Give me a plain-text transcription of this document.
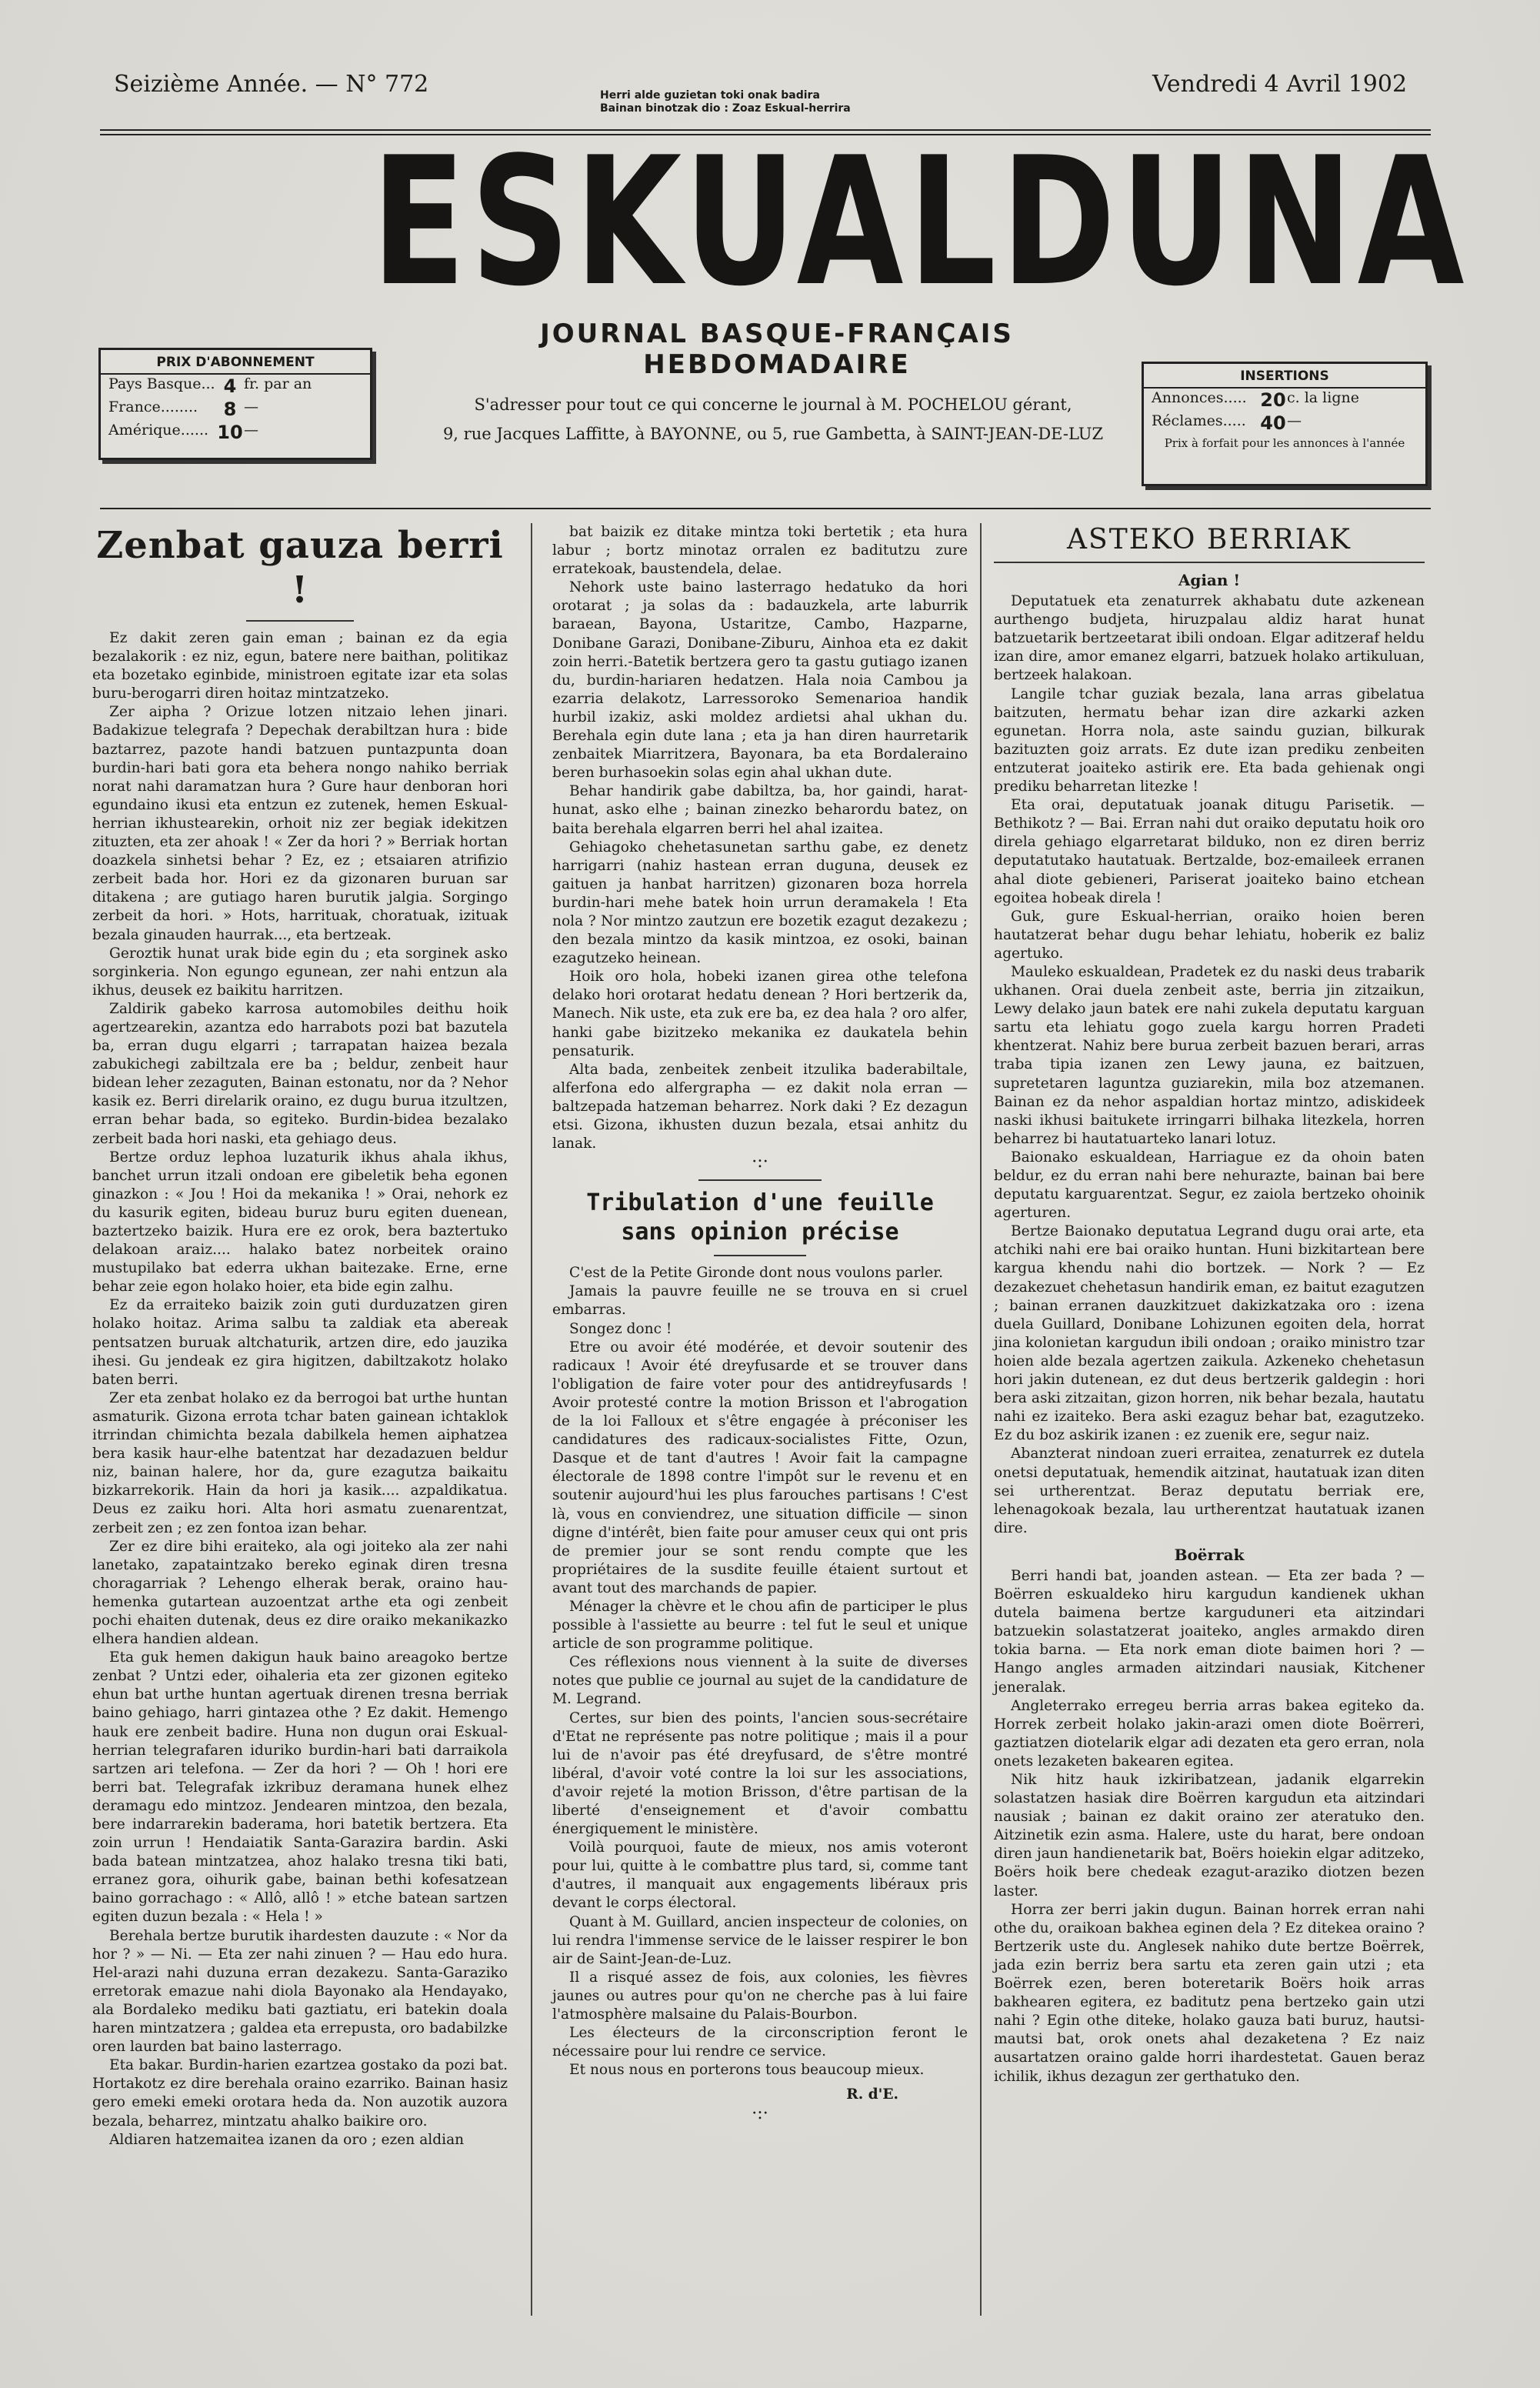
Seizième Année. — N° 772	Herri alde guzietan toki onak badira
Bainan binotzak dio : Zoaz Eskual-herrira
Vendredi 4 Avril 1902
ESKUALDUNA
JOURNAL BASQUE-FRANÇAIS HEBDOMADAIRE
PRIX D'ABONNEMENT
Pays Basque... 4 fr. par an
France........	8 —
Amérique...... 10 —
S'adresser pour tout ce qui concerne le journal à M. POCHELOU gérant,
9, rue Jacques Laffitte, à BAYONNE, ou 5, rue Gambetta, à SAINT-JEAN-DE-LUZ
INSERTIONS
Annonces..... 20 c. la ligne
Réclames..... 40 —
Prix à forfait pour les annonces à l'année
Zenbat gauza berri !

Ez dakit zeren gain eman ; bainan ez da egia bezalakorik : ez niz, egun, batere nere baithan, politikaz eta bozetako eginbide, ministroen egitate izar eta solas buru-berogarri diren hoitaz mintzatzeko.

Zer aipha ? Orizue lotzen nitzaio lehen jinari. Badakizue telegrafa ? Depechak derabiltzan hura : bide baztarrez, pazote handi batzuen puntazpunta doan burdin-hari bati gora eta behera nongo nahiko berriak norat nahi daramatzan hura ? Gure haur denboran hori egundaino ikusi eta entzun ez zutenek, hemen Eskual-herrian ikhustearekin, orhoit niz zer begiak idekitzen zituzten, eta zer ahoak ! « Zer da hori ? » Berriak hortan doazkela sinhetsi behar ? Ez, ez ; etsaiaren atrifizio zerbeit bada hor. Hori ez da gizonaren buruan sar ditakena ; are gutiago haren burutik jalgia. Sorgingo zerbeit da hori. » Hots, harrituak, choratuak, izituak bezala ginauden haurrak..., eta bertzeak.

Geroztik hunat urak bide egin du ; eta sorginek asko sorginkeria. Non egungo egunean, zer nahi entzun ala ikhus, deusek ez baikitu harritzen.

Zaldirik gabeko karrosa automobiles deithu hoik agertzearekin, azantza edo harrabots pozi bat bazutela ba, erran dugu elgarri ; tarrapatan haizea bezala zabukichegi zabiltzala ere ba ; beldur, zenbeit haur bidean leher zezaguten, Bainan estonatu, nor da ? Nehor kasik ez. Berri direlarik oraino, ez dugu burua itzultzen, erran behar bada, so egiteko. Burdin-bidea bezalako zerbeit bada hori naski, eta gehiago deus.

Bertze orduz lephoa luzaturik ikhus ahala ikhus, banchet urrun itzali ondoan ere gibeletik beha egonen ginazkon : « Jou ! Hoi da mekanika ! » Orai, nehork ez du kasurik egiten, bideau buruz buru egiten duenean, baztertzeko baizik. Hura ere ez orok, bera baztertuko delakoan araiz.... halako batez norbeitek oraino mustupilako bat ederra ukhan baitezake. Erne, erne behar zeie egon holako hoier, eta bide egin zalhu.

Ez da erraiteko baizik zoin guti durduzatzen giren holako hoitaz. Arima salbu ta zaldiak eta abereak pentsatzen buruak altchaturik, artzen dire, edo jauzika ihesi. Gu jendeak ez gira higitzen, dabiltzakotz holako baten berri.

Zer eta zenbat holako ez da berrogoi bat urthe huntan asmaturik. Gizona errota tchar baten gainean ichtaklok itrrindan chimichta bezala dabilkela hemen aiphatzea bera kasik haur-elhe batentzat har dezadazuen beldur niz, bainan halere, hor da, gure ezagutza baikaitu bizkarrekorik. Hain da hori ja kasik.... azpaldikatua. Deus ez zaiku hori. Alta hori asmatu zuenarentzat, zerbeit zen ; ez zen fontoa izan behar.

Zer ez dire bihi eraiteko, ala ogi joiteko ala zer nahi lanetako, zapataintzako bereko eginak diren tresna choragarriak ? Lehengo elherak berak, oraino hau-hemenka gutartean auzoentzat arthe eta ogi zenbeit pochi ehaiten dutenak, deus ez dire oraiko mekanikazko elhera handien aldean.

Eta guk hemen dakigun hauk baino areagoko bertze zenbat ? Untzi eder, oihaleria eta zer gizonen egiteko ehun bat urthe huntan agertuak direnen tresna berriak baino gehiago, harri gintazea othe ? Ez dakit. Hemengo hauk ere zenbeit badire. Huna non dugun orai Eskual-herrian telegrafaren iduriko burdin-hari bati darraikola sartzen ari telefona. — Zer da hori ? — Oh ! hori ere berri bat. Telegrafak izkribuz deramana hunek elhez deramagu edo mintzoz. Jendearen mintzoa, den bezala, bere indarrarekin baderama, hori batetik bertzera. Eta zoin urrun ! Hendaiatik Santa-Garazira bardin. Aski bada batean mintzatzea, ahoz halako tresna tiki bati, erranez gora, oihurik gabe, bainan bethi kofesatzean baino gorrachago : « Allô, allô ! » etche batean sartzen egiten duzun bezala : « Hela ! »

Berehala bertze burutik ihardesten dauzute : « Nor da hor ? » — Ni. — Eta zer nahi zinuen ? — Hau edo hura. Hel-arazi nahi duzuna erran dezakezu. Santa-Garaziko erretorak emazue nahi diola Bayonako ala Hendayako, ala Bordaleko mediku bati gaztiatu, eri batekin doala haren mintzatzera ; galdea eta errepusta, oro badabilzke oren laurden bat baino lasterrago.

Eta bakar. Burdin-harien ezartzea gostako da pozi bat. Hortakotz ez dire berehala oraino ezarriko. Bainan hasiz gero emeki emeki orotara heda da. Non auzotik auzora bezala, beharrez, mintzatu ahalko baikire oro.

Aldiaren hatzemaitea izanen da oro ; ezen aldian

bat baizik ez ditake mintza toki bertetik ; eta hura labur ; bortz minotaz orralen ez baditutzu zure erratekoak, baustendela, delae.

Nehork uste baino lasterrago hedatuko da hori orotarat ; ja solas da : badauzkela, arte laburrik baraean, Bayona, Ustaritze, Cambo, Hazparne, Donibane Garazi, Donibane-Ziburu, Ainhoa eta ez dakit zoin herri.-Batetik bertzera gero ta gastu gutiago izanen du, burdin-hariaren hedatzen. Hala noia Cambou ja ezarria delakotz, Larressoroko Semenarioa handik hurbil izakiz, aski moldez ardietsi ahal ukhan du. Berehala egin dute lana ; eta ja han diren haurretarik zenbaitek Miarritzera, Bayonara, ba eta Bordaleraino beren burhasoekin solas egin ahal ukhan dute.

Behar handirik gabe dabiltza, ba, hor gaindi, harat-hunat, asko elhe ; bainan zinezko beharordu batez, on baita berehala elgarren berri hel ahal izaitea.

Gehiagoko chehetasunetan sarthu gabe, ez denetz harrigarri (nahiz hastean erran duguna, deusek ez gaituen ja hanbat harritzen) gizonaren boza horrela burdin-hari mehe batek hoin urrun deramakela ! Eta nola ? Nor mintzo zautzun ere bozetik ezagut dezakezu ; den bezala mintzo da kasik mintzoa, ez osoki, bainan ezagutzeko heinean.

Hoik oro hola, hobeki izanen girea othe telefona delako hori orotarat hedatu denean ? Hori bertzerik da, Manech. Nik uste, eta zuk ere ba, ez dea hala ? oro alfer, hanki gabe bizitzeko mekanika ez daukatela behin pensaturik.

Alta bada, zenbeitek zenbeit itzulika baderabiltale, alferfona edo alfergrapha — ez dakit nola erran — baltzepada hatzeman beharrez. Nork daki ? Ez dezagun etsi. Gizona, ikhusten duzun bezala, etsai anhitz du lanak.

·:·
Tribulation d'une feuille sans opinion précise

C'est de la Petite Gironde dont nous voulons parler.

Jamais la pauvre feuille ne se trouva en si cruel embarras.

Songez donc !

Etre ou avoir été modérée, et devoir soutenir des radicaux ! Avoir été dreyfusarde et se trouver dans l'obligation de faire voter pour des antidreyfusards ! Avoir protesté contre la motion Brisson et l'abrogation de la loi Falloux et s'être engagée à préconiser les candidatures des radicaux-socialistes Fitte, Ozun, Dasque et de tant d'autres ! Avoir fait la campagne électorale de 1898 contre l'impôt sur le revenu et en soutenir aujourd'hui les plus farouches partisans ! C'est là, vous en conviendrez, une situation difficile — sinon digne d'intérêt, bien faite pour amuser ceux qui ont pris de premier jour se sont rendu compte que les propriétaires de la susdite feuille étaient surtout et avant tout des marchands de papier.

Ménager la chèvre et le chou afin de participer le plus possible à l'assiette au beurre : tel fut le seul et unique article de son programme politique.

Ces réflexions nous viennent à la suite de diverses notes que publie ce journal au sujet de la candidature de M. Legrand.

Certes, sur bien des points, l'ancien sous-secrétaire d'Etat ne représente pas notre politique ; mais il a pour lui de n'avoir pas été dreyfusard, de s'être montré libéral, d'avoir voté contre la loi sur les associations, d'avoir rejeté la motion Brisson, d'être partisan de la liberté d'enseignement et d'avoir combattu énergiquement le ministère.

Voilà pourquoi, faute de mieux, nos amis voteront pour lui, quitte à le combattre plus tard, si, comme tant d'autres, il manquait aux engagements libéraux pris devant le corps électoral.

Quant à M. Guillard, ancien inspecteur de colonies, on lui rendra l'immense service de le laisser respirer le bon air de Saint-Jean-de-Luz.

Il a risqué assez de fois, aux colonies, les fièvres jaunes ou autres pour qu'on ne cherche pas à lui faire l'atmosphère malsaine du Palais-Bourbon.

Les électeurs de la circonscription feront le nécessaire pour lui rendre ce service.

Et nous nous en porterons tous beaucoup mieux.

R. d'E.
·:·
ASTEKO BERRIAK
Agian !

Deputatuek eta zenaturrek akhabatu dute azkenean aurthengo budjeta, hiruzpalau aldiz harat hunat batzuetarik bertzeetarat ibili ondoan. Elgar aditzeraf heldu izan dire, amor emanez elgarri, batzuek holako artikuluan, bertzeek halakoan.

Langile tchar guziak bezala, lana arras gibelatua baitzuten, hermatu behar izan dire azkarki azken egunetan. Horra nola, aste saindu guzian, bilkurak bazituzten goiz arrats. Ez dute izan prediku zenbeiten entzuterat joaiteko astirik ere. Eta bada gehienak ongi prediku beharretan litezke !

Eta orai, deputatuak joanak ditugu Parisetik. — Bethikotz ? — Bai. Erran nahi dut oraiko deputatu hoik oro direla gehiago elgarretarat bilduko, non ez diren berriz deputatutako hautatuak. Bertzalde, boz-emaileek erranen ahal diote gebieneri, Pariserat joaiteko baino etchean egoitea hobeak direla !

Guk, gure Eskual-herrian, oraiko hoien beren hautatzerat behar dugu behar lehiatu, hoberik ez baliz agertuko.

Mauleko eskualdean, Pradetek ez du naski deus trabarik ukhanen. Orai duela zenbeit aste, berria jin zitzaikun, Lewy delako jaun batek ere nahi zukela deputatu karguan sartu eta lehiatu gogo zuela kargu horren Pradeti khentzerat. Nahiz bere burua zerbeit bazuen berari, arras traba tipia izanen zen Lewy jauna, ez baitzuen, supretetaren laguntza guziarekin, mila boz atzemanen. Bainan ez da nehor aspaldian hortaz mintzo, adiskideek naski ikhusi baitukete irringarri bilhaka litezkela, horren beharrez bi hautatuarteko lanari lotuz.

Baionako eskualdean, Harriague ez da ohoin baten beldur, ez du erran nahi bere nehurazte, bainan bai bere deputatu karguarentzat. Segur, ez zaiola bertzeko ohoinik agerturen.

Bertze Baionako deputatua Legrand dugu orai arte, eta atchiki nahi ere bai oraiko huntan. Huni bizkitartean bere kargua khendu nahi dio bortzek. — Nork ? — Ez dezakezuet chehetasun handirik eman, ez baitut ezagutzen ; bainan erranen dauzkitzuet dakizkatzaka oro : izena duela Guillard, Donibane Lohizunen egoiten dela, horrat jina kolonietan kargudun ibili ondoan ; oraiko ministro tzar hoien alde bezala agertzen zaikula. Azkeneko chehetasun hori jakin dutenean, ez dut deus bertzerik galdegin : hori bera aski zitzaitan, gizon horren, nik behar bezala, hautatu nahi ez izaiteko. Bera aski ezaguz behar bat, ezagutzeko. Ez du boz askirik izanen : ez zuenik ere, segur naiz.

Abanzterat nindoan zueri erraitea, zenaturrek ez dutela onetsi deputatuak, hemendik aitzinat, hautatuak izan diten sei urtherentzat. Beraz deputatu berriak ere, lehenagokoak bezala, lau urtherentzat hautatuak izanen dire.

Boërrak

Berri handi bat, joanden astean. — Eta zer bada ? — Boërren eskualdeko hiru kargudun kandienek ukhan dutela baimena bertze karguduneri eta aitzindari batzuekin solastatzerat joaiteko, angles armakdo diren tokia barna. — Eta nork eman diote baimen hori ? — Hango angles armaden aitzindari nausiak, Kitchener jeneralak.

Angleterrako erregeu berria arras bakea egiteko da. Horrek zerbeit holako jakin-arazi omen diote Boërreri, gaztiatzen diotelarik elgar adi dezaten eta gero erran, nola onets lezaketen bakearen egitea.

Nik hitz hauk izkiribatzean, jadanik elgarrekin solastatzen hasiak dire Boërren kargudun eta aitzindari nausiak ; bainan ez dakit oraino zer ateratuko den. Aitzinetik ezin asma. Halere, uste du harat, bere ondoan diren jaun handienetarik bat, Boërs hoiekin elgar aditzeko, Boërs hoik bere chedeak ezagut-araziko diotzen bezen laster.

Horra zer berri jakin dugun. Bainan horrek erran nahi othe du, oraikoan bakhea eginen dela ? Ez ditekea oraino ? Bertzerik uste du. Anglesek nahiko dute bertze Boërrek, jada ezin berriz bera sartu eta zeren gain utzi ; eta Boërrek ezen, beren boteretarik Boërs hoik arras bakhearen egitera, ez baditutz pena bertzeko gain utzi nahi ? Egin othe diteke, holako gauza bati buruz, hautsi-mautsi bat, orok onets ahal dezaketena ? Ez naiz ausartatzen oraino galde horri ihardestetat. Gauen beraz ichilik, ikhus dezagun zer gerthatuko den.
